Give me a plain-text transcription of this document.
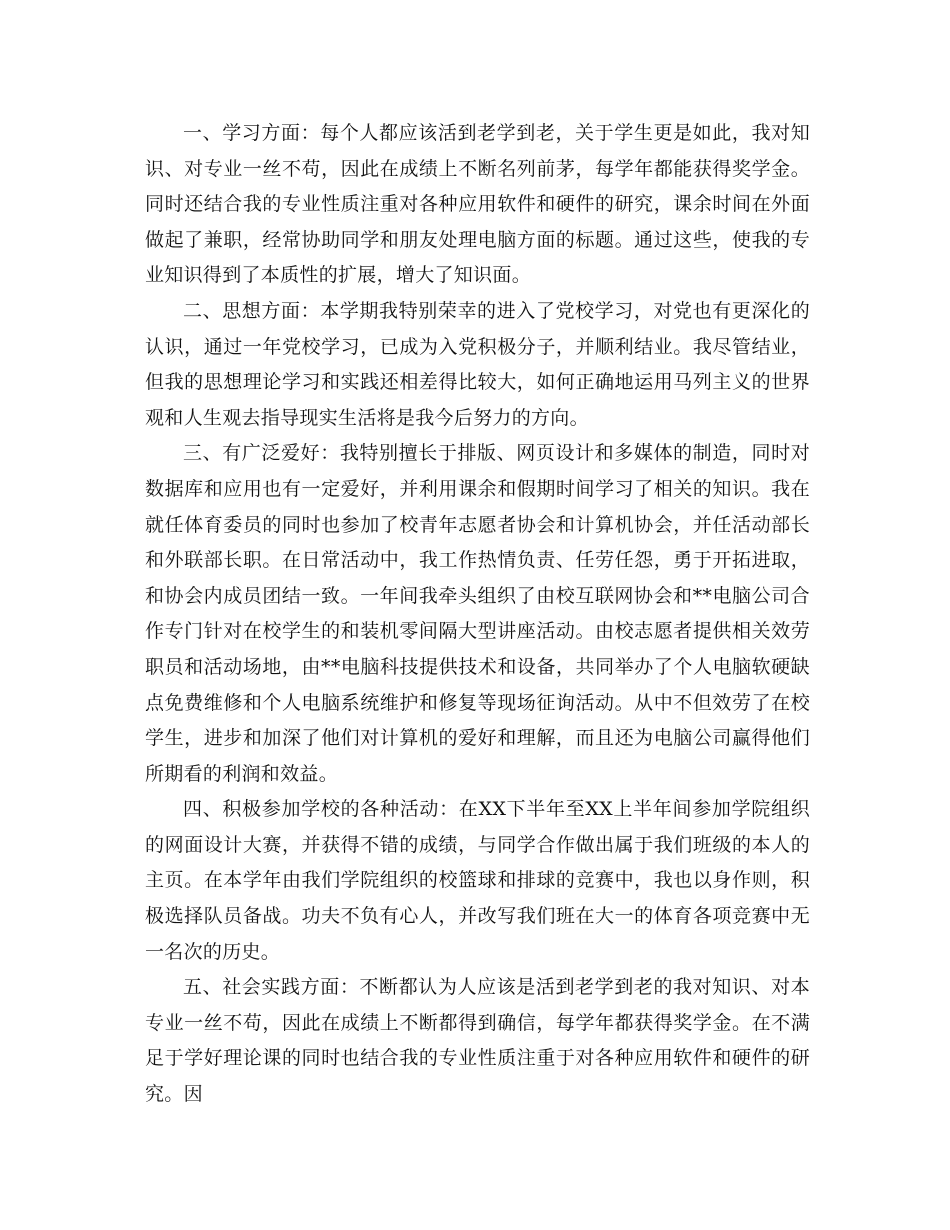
一、学习方面：每个人都应该活到老学到老，关于学生更是如此，我对知识、对专业一丝不苟，因此在成绩上不断名列前茅，每学年都能获得奖学金。同时还结合我的专业性质注重对各种应用软件和硬件的研究，课余时间在外面做起了兼职，经常协助同学和朋友处理电脑方面的标题。通过这些，使我的专业知识得到了本质性的扩展，增大了知识面。

二、思想方面：本学期我特别荣幸的进入了党校学习，对党也有更深化的认识，通过一年党校学习，已成为入党积极分子，并顺利结业。我尽管结业，但我的思想理论学习和实践还相差得比较大，如何正确地运用马列主义的世界观和人生观去指导现实生活将是我今后努力的方向。

三、有广泛爱好：我特别擅长于排版、网页设计和多媒体的制造，同时对数据库和应用也有一定爱好，并利用课余和假期时间学习了相关的知识。我在就任体育委员的同时也参加了校青年志愿者协会和计算机协会，并任活动部长和外联部长职。在日常活动中，我工作热情负责、任劳任怨，勇于开拓进取，和协会内成员团结一致。一年间我牵头组织了由校互联网协会和**电脑公司合作专门针对在校学生的和装机零间隔大型讲座活动。由校志愿者提供相关效劳职员和活动场地，由**电脑科技提供技术和设备，共同举办了个人电脑软硬缺点免费维修和个人电脑系统维护和修复等现场征询活动。从中不但效劳了在校学生，进步和加深了他们对计算机的爱好和理解，而且还为电脑公司赢得他们所期看的利润和效益。

四、积极参加学校的各种活动：在XX下半年至XX上半年间参加学院组织的网面设计大赛，并获得不错的成绩，与同学合作做出属于我们班级的本人的主页。在本学年由我们学院组织的校篮球和排球的竞赛中，我也以身作则，积极选择队员备战。功夫不负有心人，并改写我们班在大一的体育各项竞赛中无一名次的历史。

五、社会实践方面：不断都认为人应该是活到老学到老的我对知识、对本专业一丝不苟，因此在成绩上不断都得到确信，每学年都获得奖学金。在不满足于学好理论课的同时也结合我的专业性质注重于对各种应用软件和硬件的研究。因
